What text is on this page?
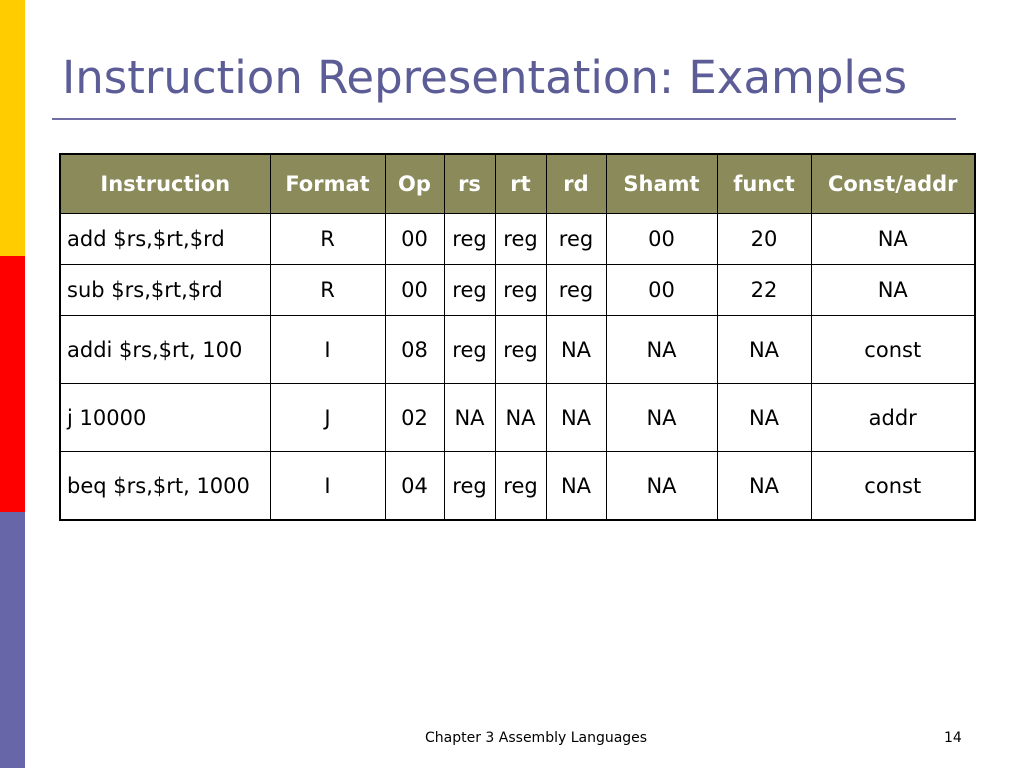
Instruction Representation: Examples
Instruction	Format	Op	rs	rt	rd	Shamt	funct	Const/addr
add $rs,$rt,$rd	R	00	reg	reg	reg	00	20	NA
sub $rs,$rt,$rd	R	00	reg	reg	reg	00	22	NA
addi $rs,$rt, 100	I	08	reg	reg	NA	NA	NA	const
j 10000	J	02	NA	NA	NA	NA	NA	addr
beq $rs,$rt, 1000	I	04	reg	reg	NA	NA	NA	const
Chapter 3 Assembly Languages	14
